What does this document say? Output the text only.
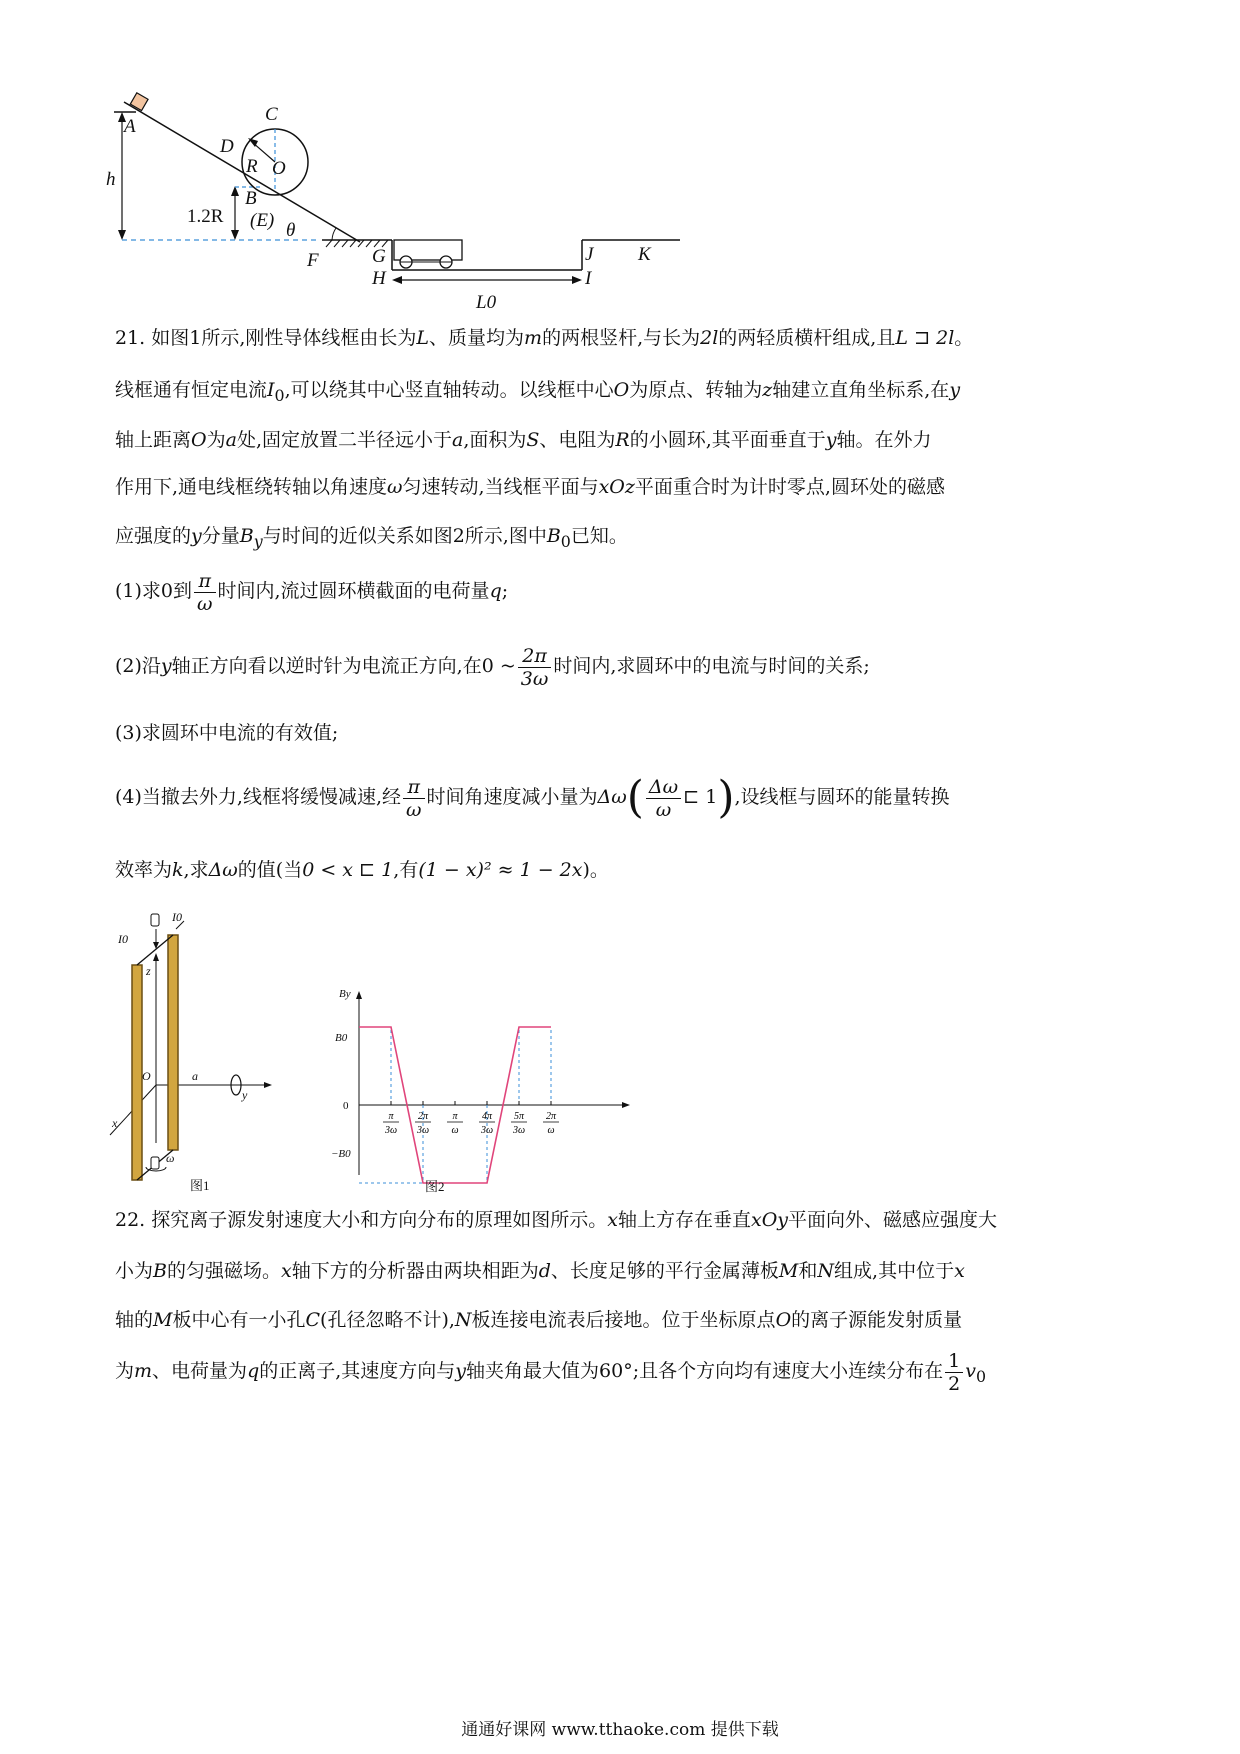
A
h
1.2R
C
D
R O
B
(E) θ
F	G
H
J
I
K
L0
21. 如图1所示,刚性导体线框由长为L、质量均为m的两根竖杆,与长为2l的两轻质横杆组成,且L ⊐ 2l。
线框通有恒定电流$I_0$,可以绕其中心竖直轴转动。以线框中心O为原点、转轴为z轴建立直角坐标系,在y
轴上距离O为a处,固定放置二半径远小于a,面积为S、电阻为R的小圆环,其平面垂直于y轴。在外力
作用下,通电线框绕转轴以角速度ω匀速转动,当线框平面与xOz平面重合时为计时零点,圆环处的磁感
应强度的y分量$B_y$与时间的近似关系如图2所示,图中$B_0$已知。
(1)求0到 $\frac{\pi}{\omega}$ 时间内,流过圆环横截面的电荷量q;
(2)沿y轴正方向看以逆时针为电流正方向,在0 ~ $\frac{2\pi}{3\omega}$ 时间内,求圆环中的电流与时间的关系;
(3)求圆环中电流的有效值;
(4)当撤去外力,线框将缓慢减速,经 $\frac{\pi}{\omega}$ 时间角速度减小量为$\Delta\omega( \frac{\Delta\omega}{\omega}$ ⊏ 1),设线框与圆环的能量转换
效率为k,求Δω的值(当0 < x ⊏ 1,有(1 − x)² ≈ 1 − 2x)。
I0
I0
z
O
x
a
y
ω
图1
π
3ω
2π
3ω
π
ω
4π
3ω
5π
3ω
2π
ω
By
B0
0
−B0
图2
22. 探究离子源发射速度大小和方向分布的原理如图所示。x轴上方存在垂直xOy平面向外、磁感应强度大
小为B的匀强磁场。x轴下方的分析器由两块相距为d、长度足够的平行金属薄板M和N组成,其中位于x
轴的M板中心有一小孔C(孔径忽略不计),N板连接电流表后接地。位于坐标原点O的离子源能发射质量
为m、电荷量为q的正离子,其速度方向与y轴夹角最大值为60°;且各个方向均有速度大小连续分布在 $\frac{1}{2} v_0$
通通好课网 www.tthaoke.com 提供下载
